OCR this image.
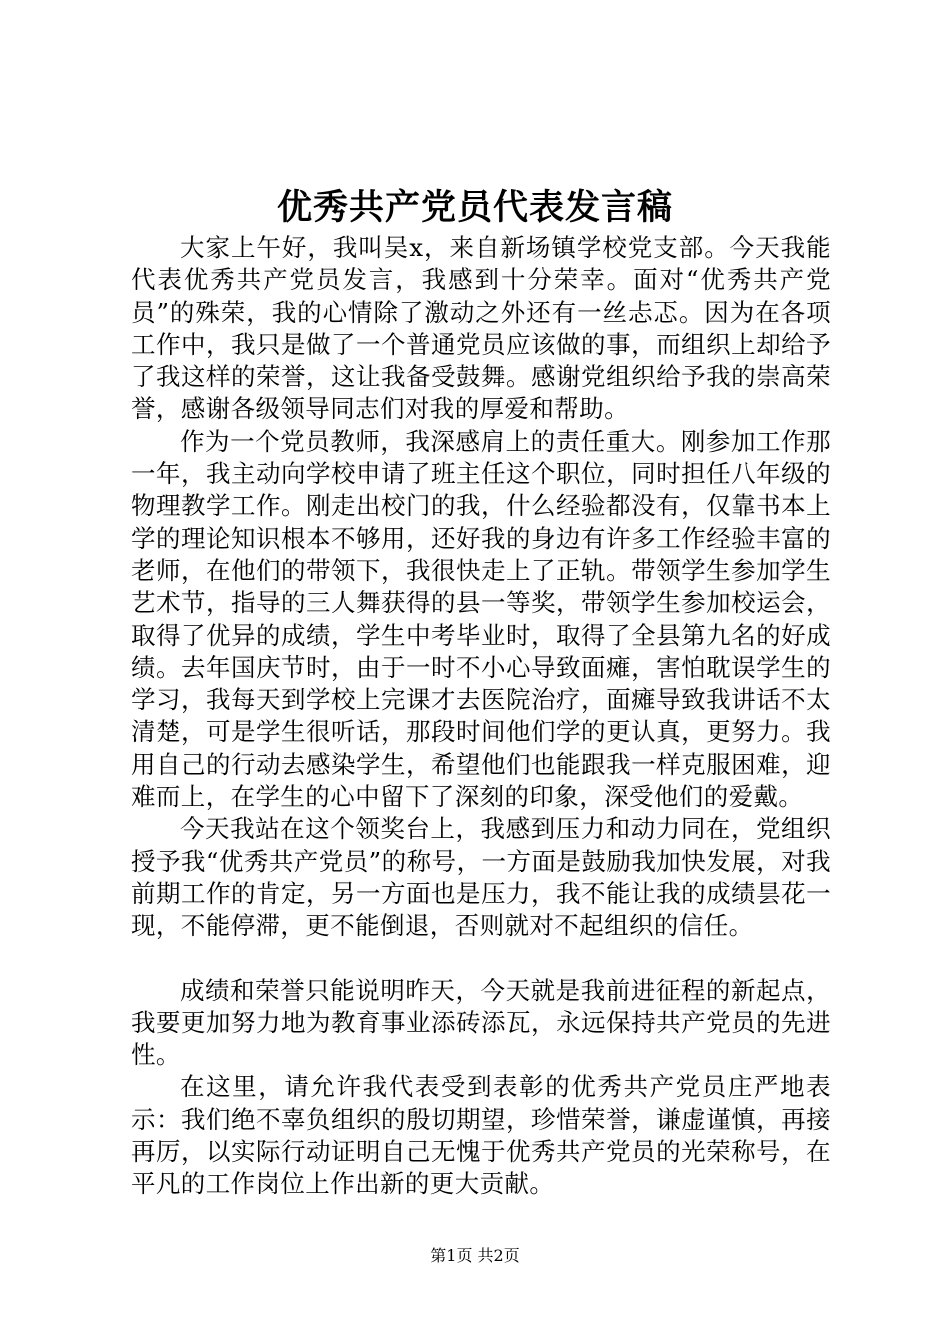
优秀共产党员代表发言稿

大家上午好，我叫吴x，来自新场镇学校党支部。今天我能代表优秀共产党员发言，我感到十分荣幸。面对“优秀共产党员”的殊荣，我的心情除了激动之外还有一丝忐忑。因为在各项工作中，我只是做了一个普通党员应该做的事，而组织上却给予了我这样的荣誉，这让我备受鼓舞。感谢党组织给予我的崇高荣誉，感谢各级领导同志们对我的厚爱和帮助。

作为一个党员教师，我深感肩上的责任重大。刚参加工作那一年，我主动向学校申请了班主任这个职位，同时担任八年级的物理教学工作。刚走出校门的我，什么经验都没有，仅靠书本上学的理论知识根本不够用，还好我的身边有许多工作经验丰富的老师，在他们的带领下，我很快走上了正轨。带领学生参加学生艺术节，指导的三人舞获得的县一等奖，带领学生参加校运会，取得了优异的成绩，学生中考毕业时，取得了全县第九名的好成绩。去年国庆节时，由于一时不小心导致面瘫，害怕耽误学生的学习，我每天到学校上完课才去医院治疗，面瘫导致我讲话不太清楚，可是学生很听话，那段时间他们学的更认真，更努力。我用自己的行动去感染学生，希望他们也能跟我一样克服困难，迎难而上，在学生的心中留下了深刻的印象，深受他们的爱戴。

今天我站在这个领奖台上，我感到压力和动力同在，党组织授予我“优秀共产党员”的称号，一方面是鼓励我加快发展，对我前期工作的肯定，另一方面也是压力，我不能让我的成绩昙花一现，不能停滞，更不能倒退，否则就对不起组织的信任。

成绩和荣誉只能说明昨天，今天就是我前进征程的新起点，我要更加努力地为教育事业添砖添瓦，永远保持共产党员的先进性。

在这里，请允许我代表受到表彰的优秀共产党员庄严地表示：我们绝不辜负组织的殷切期望，珍惜荣誉，谦虚谨慎，再接再厉，以实际行动证明自己无愧于优秀共产党员的光荣称号，在平凡的工作岗位上作出新的更大贡献。

第1页 共2页
